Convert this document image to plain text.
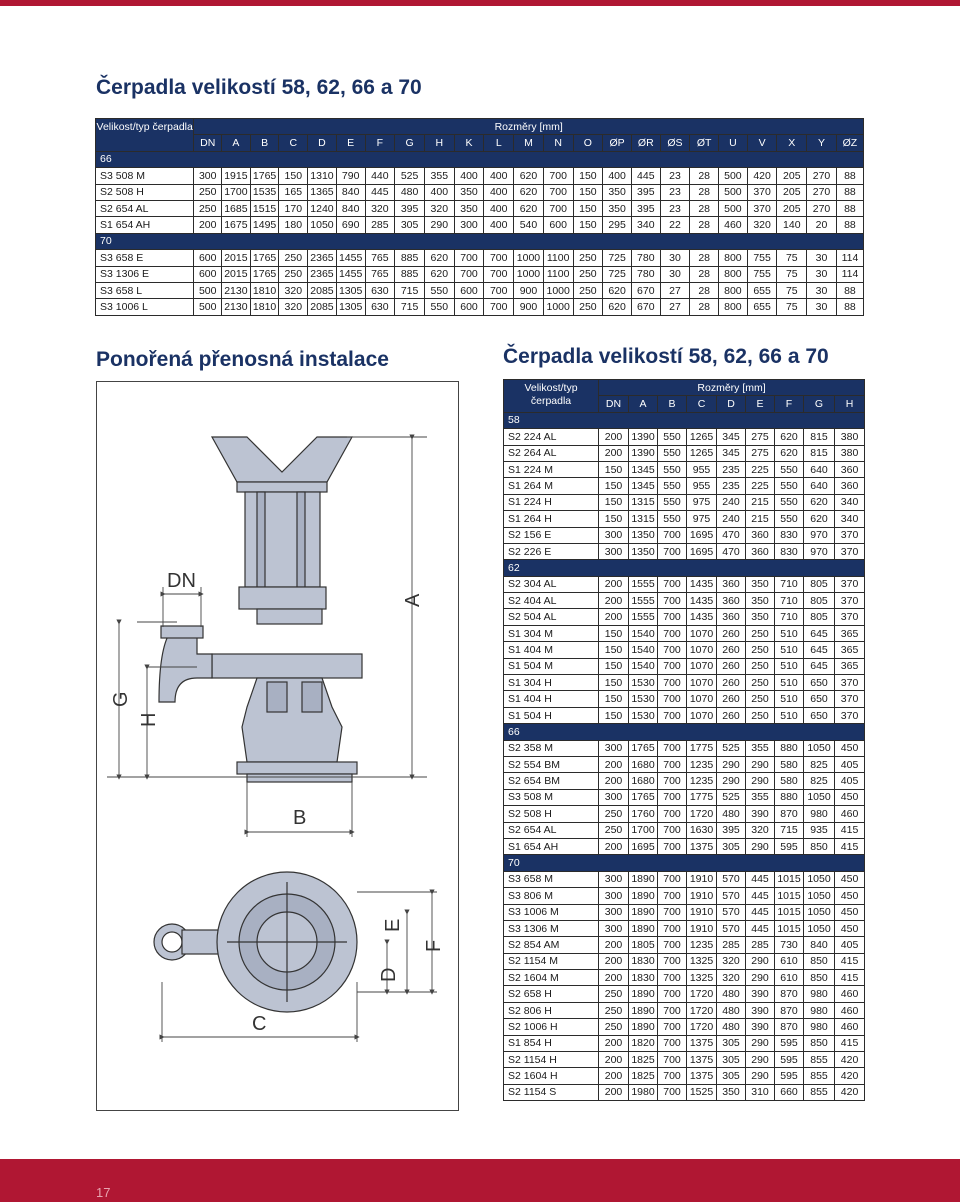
Čerpadla velikostí 58, 62, 66 a 70
Velikost/typ čerpadla	Rozměry [mm]																						
	DN	A	B	C	D	E	F	G	H	K	L	M	N	O	ØP	ØR	ØS	ØT	U	V	X	Y	ØZ
66																							
S3 508 M	300	1915	1765	150	1310	790	440	525	355	400	400	620	700	150	400	445	23	28	500	420	205	270	88
S2 508 H	250	1700	1535	165	1365	840	445	480	400	350	400	620	700	150	350	395	23	28	500	370	205	270	88
S2 654 AL	250	1685	1515	170	1240	840	320	395	320	350	400	620	700	150	350	395	23	28	500	370	205	270	88
S1 654 AH	200	1675	1495	180	1050	690	285	305	290	300	400	540	600	150	295	340	22	28	460	320	140	20	88
70																							
S3 658 E	600	2015	1765	250	2365	1455	765	885	620	700	700	1000	1100	250	725	780	30	28	800	755	75	30	114
S3 1306 E	600	2015	1765	250	2365	1455	765	885	620	700	700	1000	1100	250	725	780	30	28	800	755	75	30	114
S3 658 L	500	2130	1810	320	2085	1305	630	715	550	600	700	900	1000	250	620	670	27	28	800	655	75	30	88
S3 1006 L	500	2130	1810	320	2085	1305	630	715	550	600	700	900	1000	250	620	670	27	28	800	655	75	30	88
Ponořená přenosná instalace
DN
A
G
H
B
C
D
E
F
Čerpadla velikostí 58, 62, 66 a 70
Velikost/typ čerpadla	Rozměry [mm]								
	DN	A	B	C	D	E	F	G	H
58									
S2 224 AL	200	1390	550	1265	345	275	620	815	380
S2 264 AL	200	1390	550	1265	345	275	620	815	380
S1 224 M	150	1345	550	955	235	225	550	640	360
S1 264 M	150	1345	550	955	235	225	550	640	360
S1 224 H	150	1315	550	975	240	215	550	620	340
S1 264 H	150	1315	550	975	240	215	550	620	340
S2 156 E	300	1350	700	1695	470	360	830	970	370
S2 226 E	300	1350	700	1695	470	360	830	970	370
62									
S2 304 AL	200	1555	700	1435	360	350	710	805	370
S2 404 AL	200	1555	700	1435	360	350	710	805	370
S2 504 AL	200	1555	700	1435	360	350	710	805	370
S1 304 M	150	1540	700	1070	260	250	510	645	365
S1 404 M	150	1540	700	1070	260	250	510	645	365
S1 504 M	150	1540	700	1070	260	250	510	645	365
S1 304 H	150	1530	700	1070	260	250	510	650	370
S1 404 H	150	1530	700	1070	260	250	510	650	370
S1 504 H	150	1530	700	1070	260	250	510	650	370
66									
S2 358 M	300	1765	700	1775	525	355	880	1050	450
S2 554 BM	200	1680	700	1235	290	290	580	825	405
S2 654 BM	200	1680	700	1235	290	290	580	825	405
S3 508 M	300	1765	700	1775	525	355	880	1050	450
S2 508 H	250	1760	700	1720	480	390	870	980	460
S2 654 AL	250	1700	700	1630	395	320	715	935	415
S1 654 AH	200	1695	700	1375	305	290	595	850	415
70									
S3 658 M	300	1890	700	1910	570	445	1015	1050	450
S3 806 M	300	1890	700	1910	570	445	1015	1050	450
S3 1006 M	300	1890	700	1910	570	445	1015	1050	450
S3 1306 M	300	1890	700	1910	570	445	1015	1050	450
S2 854 AM	200	1805	700	1235	285	285	730	840	405
S2 1154 M	200	1830	700	1325	320	290	610	850	415
S2 1604 M	200	1830	700	1325	320	290	610	850	415
S2 658 H	250	1890	700	1720	480	390	870	980	460
S2 806 H	250	1890	700	1720	480	390	870	980	460
S2 1006 H	250	1890	700	1720	480	390	870	980	460
S1 854 H	200	1820	700	1375	305	290	595	850	415
S2 1154 H	200	1825	700	1375	305	290	595	855	420
S2 1604 H	200	1825	700	1375	305	290	595	855	420
S2 1154 S	200	1980	700	1525	350	310	660	855	420
17
